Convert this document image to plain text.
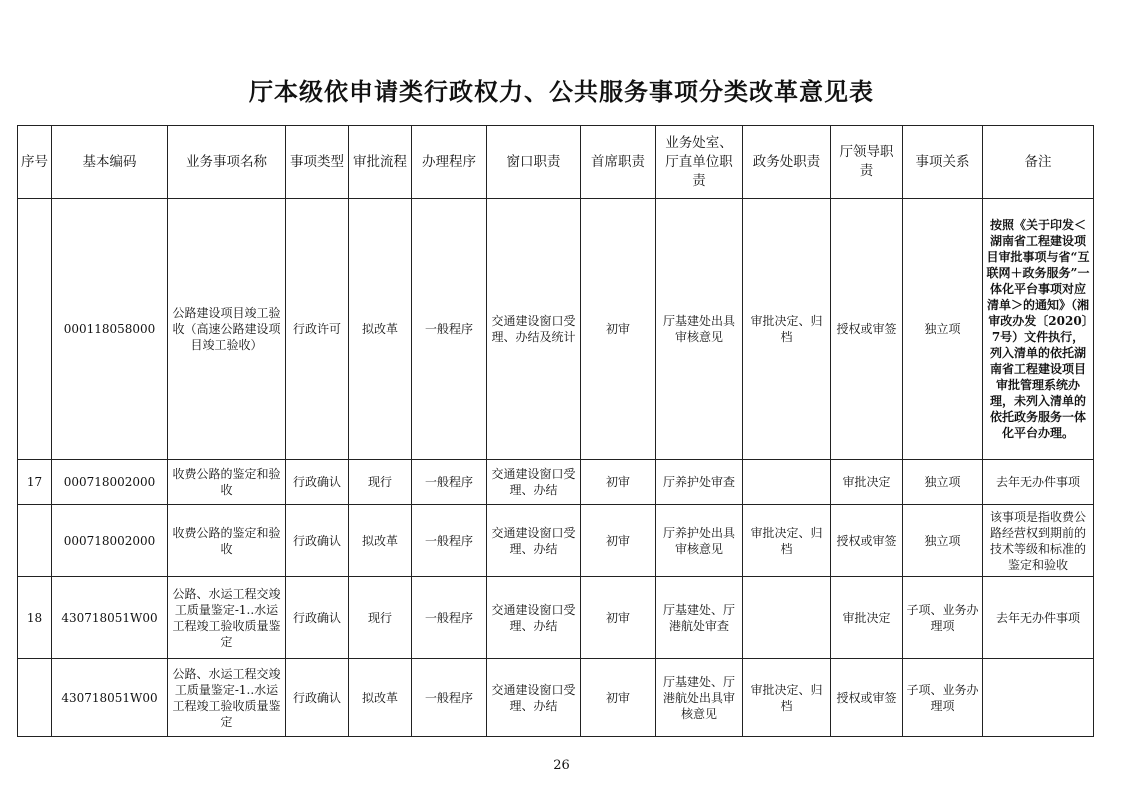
厅本级依申请类行政权力、公共服务事项分类改革意见表
序号	基本编码	业务事项名称	事项类型	审批流程	办理程序	窗口职责	首席职责	业务处室、厅直单位职责	政务处职责	厅领导职责	事项关系	备注
	000118058000	公路建设项目竣工验收（高速公路建设项目竣工验收）	行政许可	拟改革	一般程序	交通建设窗口受理、办结及统计	初审	厅基建处出具审核意见	审批决定、归档	授权或审签	独立项	按照《关于印发＜湖南省工程建设项目审批事项与省“互联网＋政务服务”一体化平台事项对应清单＞的通知》（湘审改办发〔2020〕7号）文件执行，列入清单的依托湖南省工程建设项目审批管理系统办理，未列入清单的依托政务服务一体化平台办理。
17	000718002000	收费公路的鉴定和验收	行政确认	现行	一般程序	交通建设窗口受理、办结	初审	厅养护处审查		审批决定	独立项	去年无办件事项
	000718002000	收费公路的鉴定和验收	行政确认	拟改革	一般程序	交通建设窗口受理、办结	初审	厅养护处出具审核意见	审批决定、归档	授权或审签	独立项	该事项是指收费公路经营权到期前的技术等级和标准的鉴定和验收
18	430718051W00	公路、水运工程交竣工质量鉴定-1..水运工程竣工验收质量鉴定	行政确认	现行	一般程序	交通建设窗口受理、办结	初审	厅基建处、厅港航处审查		审批决定	子项、业务办理项	去年无办件事项
	430718051W00	公路、水运工程交竣工质量鉴定-1..水运工程竣工验收质量鉴定	行政确认	拟改革	一般程序	交通建设窗口受理、办结	初审	厅基建处、厅港航处出具审核意见	审批决定、归档	授权或审签	子项、业务办理项	
26
